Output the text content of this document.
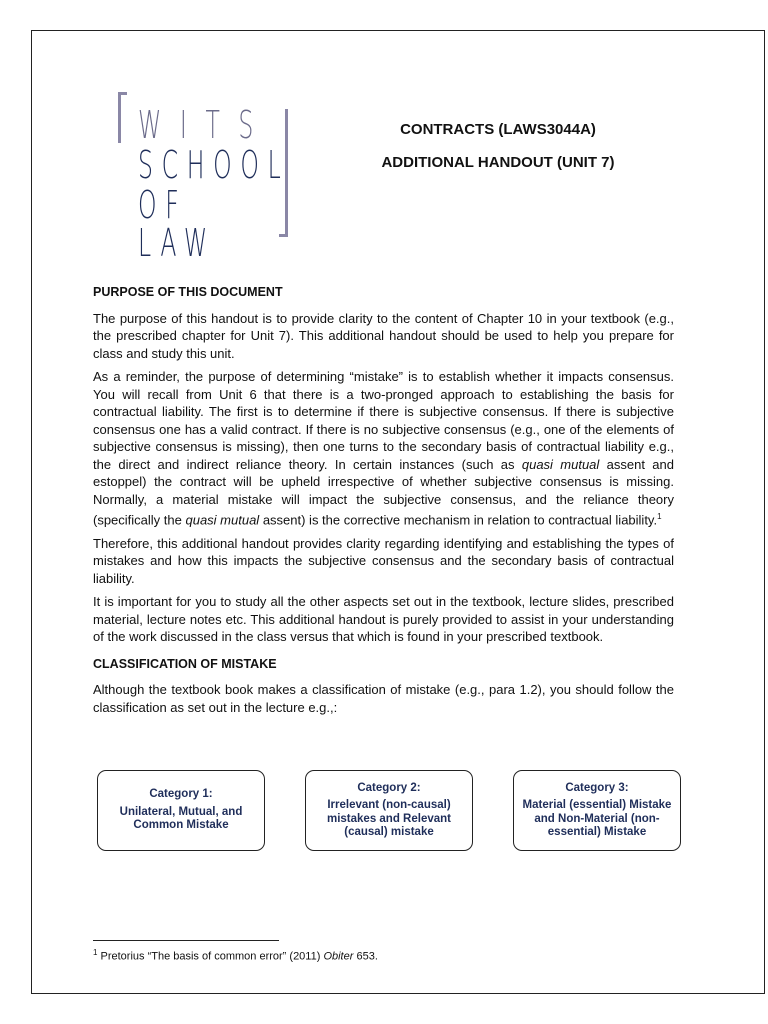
WITS
SCHOOL
OF LAW
CONTRACTS (LAWS3044A)
ADDITIONAL HANDOUT (UNIT 7)
PURPOSE OF THIS DOCUMENT

The purpose of this handout is to provide clarity to the content of Chapter 10 in your textbook (e.g., the prescribed chapter for Unit 7). This additional handout should be used to help you prepare for class and study this unit.

As a reminder, the purpose of determining “mistake” is to establish whether it impacts consensus. You will recall from Unit 6 that there is a two-pronged approach to establishing the basis for contractual liability. The first is to determine if there is subjective consensus. If there is subjective consensus one has a valid contract. If there is no subjective consensus (e.g., one of the elements of subjective consensus is missing), then one turns to the secondary basis of contractual liability e.g., the direct and indirect reliance theory. In certain instances (such as quasi mutual assent and estoppel) the contract will be upheld irrespective of whether subjective consensus is missing. Normally, a material mistake will impact the subjective consensus, and the reliance theory (specifically the quasi mutual assent) is the corrective mechanism in relation to contractual liability.$^1$

Therefore, this additional handout provides clarity regarding identifying and establishing the types of mistakes and how this impacts the subjective consensus and the secondary basis of contractual liability.

It is important for you to study all the other aspects set out in the textbook, lecture slides, prescribed material, lecture notes etc. This additional handout is purely provided to assist in your understanding of the work discussed in the class versus that which is found in your prescribed textbook.

CLASSIFICATION OF MISTAKE

Although the textbook book makes a classification of mistake (e.g., para 1.2), you should follow the classification as set out in the lecture e.g.,:

Category 1:
Unilateral, Mutual, and Common Mistake
Category 2:
Irrelevant (non-causal) mistakes and Relevant (causal) mistake
Category 3:
Material (essential) Mistake and Non-Material (non-essential) Mistake
$^1$ Pretorius “The basis of common error” (2011) Obiter 653.
